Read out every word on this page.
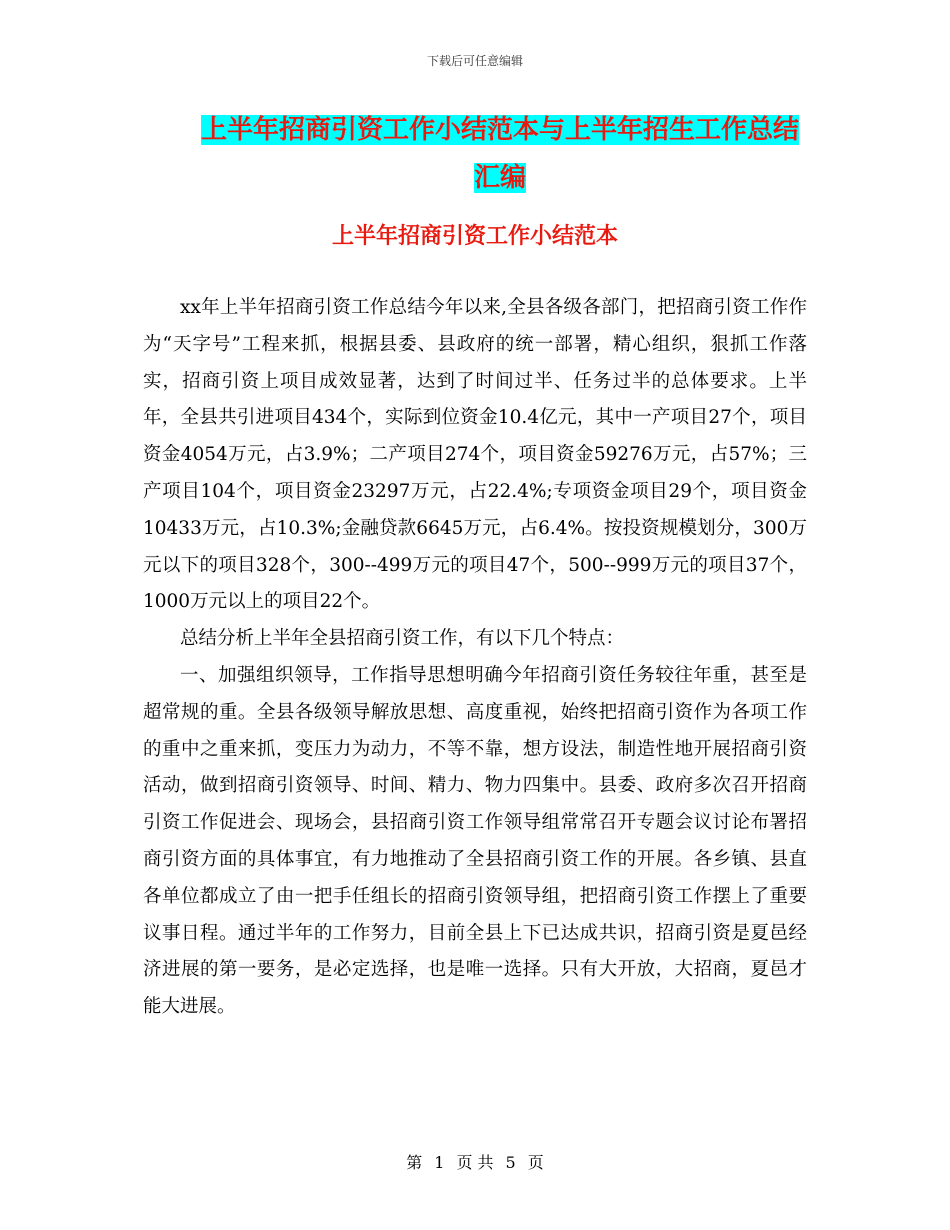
下载后可任意编辑
上半年招商引资工作小结范本与上半年招生工作总结
汇编
上半年招商引资工作小结范本

xx年上半年招商引资工作总结今年以来,全县各级各部门，把招商引资工作作为“天字号”工程来抓，根据县委、县政府的统一部署，精心组织，狠抓工作落实，招商引资上项目成效显著，达到了时间过半、任务过半的总体要求。上半年，全县共引进项目434个，实际到位资金10.4亿元，其中一产项目27个，项目资金4054万元，占3.9%；二产项目274个，项目资金59276万元，占57%；三产项目104个，项目资金23297万元，占22.4%;专项资金项目29个，项目资金10433万元，占10.3%;金融贷款6645万元，占6.4%。按投资规模划分，300万元以下的项目328个，300--499万元的项目47个，500--999万元的项目37个，1000万元以上的项目22个。

总结分析上半年全县招商引资工作，有以下几个特点：

一、加强组织领导，工作指导思想明确今年招商引资任务较往年重，甚至是超常规的重。全县各级领导解放思想、高度重视，始终把招商引资作为各项工作的重中之重来抓，变压力为动力，不等不靠，想方设法，制造性地开展招商引资活动，做到招商引资领导、时间、精力、物力四集中。县委、政府多次召开招商引资工作促进会、现场会，县招商引资工作领导组常常召开专题会议讨论布署招商引资方面的具体事宜，有力地推动了全县招商引资工作的开展。各乡镇、县直各单位都成立了由一把手任组长的招商引资领导组，把招商引资工作摆上了重要议事日程。通过半年的工作努力，目前全县上下已达成共识，招商引资是夏邑经济进展的第一要务，是必定选择，也是唯一选择。只有大开放，大招商，夏邑才能大进展。

第 1 页 共 5 页
